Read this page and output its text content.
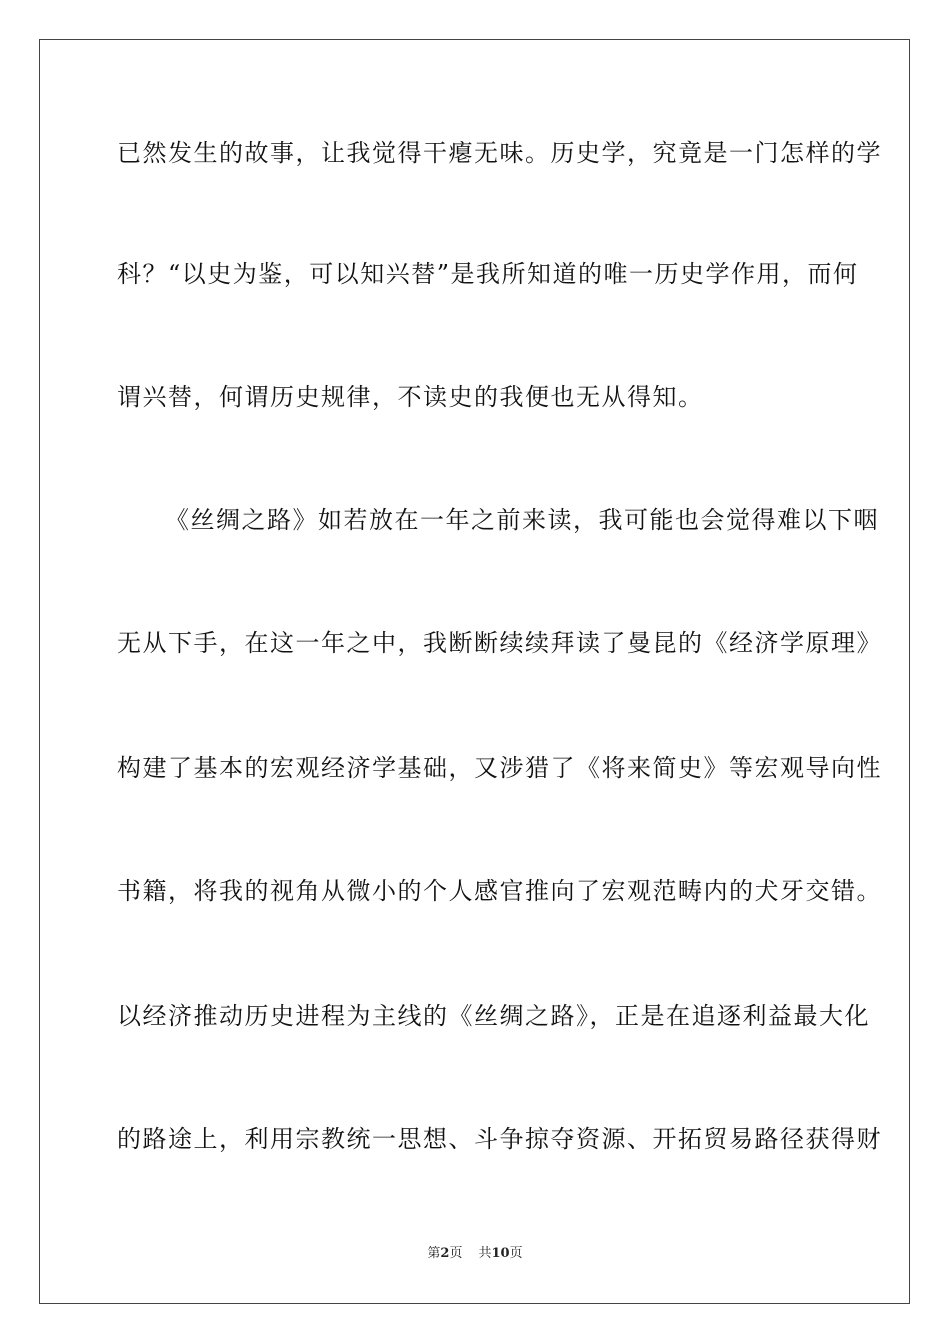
已然发生的故事，让我觉得干瘪无味。历史学，究竟是一门怎样的学
科？“以史为鉴，可以知兴替”是我所知道的唯一历史学作用，而何
谓兴替，何谓历史规律，不读史的我便也无从得知。
《丝绸之路》如若放在一年之前来读，我可能也会觉得难以下咽
无从下手，在这一年之中，我断断续续拜读了曼昆的《经济学原理》
构建了基本的宏观经济学基础，又涉猎了《将来简史》等宏观导向性
书籍，将我的视角从微小的个人感官推向了宏观范畴内的犬牙交错。
以经济推动历史进程为主线的《丝绸之路》，正是在追逐利益最大化
的路途上，利用宗教统一思想、斗争掠夺资源、开拓贸易路径获得财
第2页 共10页
